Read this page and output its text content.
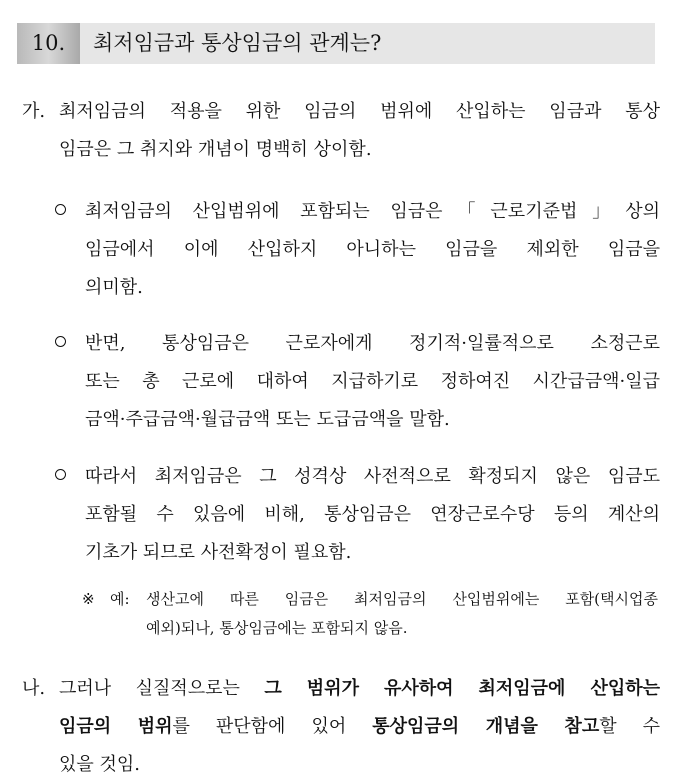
10.	최저임금과 통상임금의 관계는?
가. 최저임금의 적용을 위한 임금의 범위에 산입하는 임금과 통상
임금은 그 취지와 개념이 명백히 상이함.
최저임금의 산입범위에 포함되는 임금은「근로기준법」상의
임금에서 이에 산입하지 아니하는 임금을 제외한 임금을
의미함.
반면, 통상임금은 근로자에게 정기적·일률적으로 소정근로
또는 총 근로에 대하여 지급하기로 정하여진 시간급금액·일급
금액·주급금액·월급금액 또는 도급금액을 말함.
따라서 최저임금은 그 성격상 사전적으로 확정되지 않은 임금도
포함될 수 있음에 비해, 통상임금은 연장근로수당 등의 계산의
기초가 되므로 사전확정이 필요함.
※ 예: 생산고에 따른 임금은 최저임금의 산입범위에는 포함(택시업종
예외)되나, 통상임금에는 포함되지 않음.
나. 그러나 실질적으로는 그 범위가 유사하여 최저임금에 산입하는
임금의 범위를 판단함에 있어 통상임금의 개념을 참고할 수
있을 것임.
